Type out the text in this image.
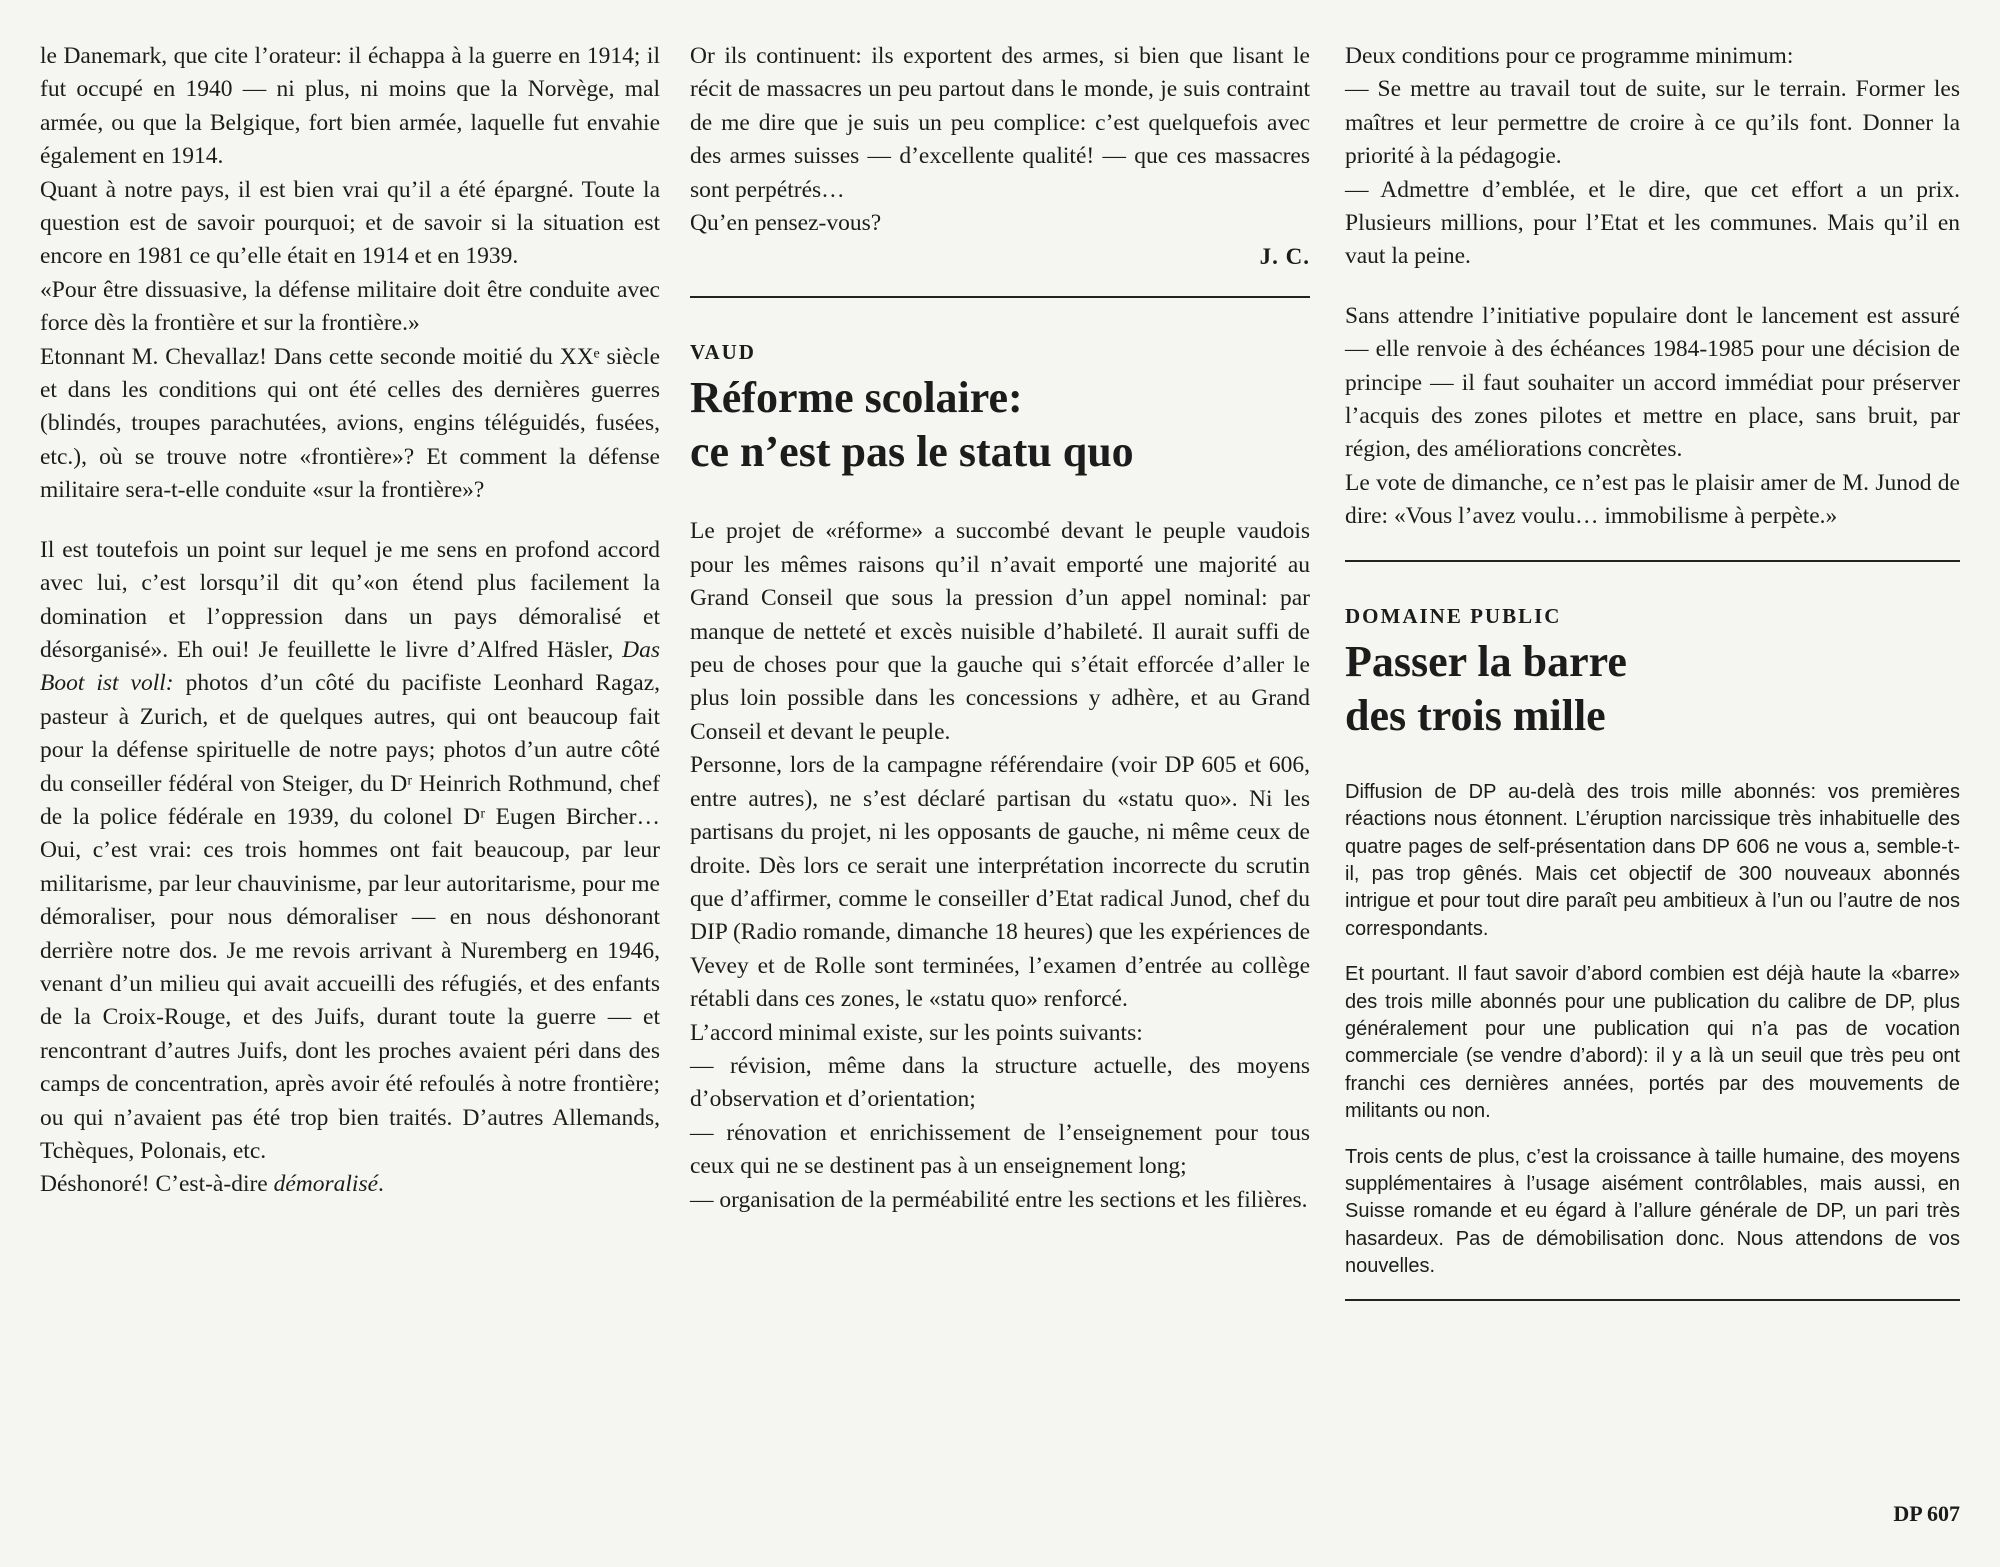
le Danemark, que cite l’orateur: il échappa à la guerre en 1914; il fut occupé en 1940 — ni plus, ni moins que la Norvège, mal armée, ou que la Belgique, fort bien armée, laquelle fut envahie également en 1914.

Quant à notre pays, il est bien vrai qu’il a été épargné. Toute la question est de savoir pourquoi; et de savoir si la situation est encore en 1981 ce qu’elle était en 1914 et en 1939.

«Pour être dissuasive, la défense militaire doit être conduite avec force dès la frontière et sur la frontière.»

Etonnant M. Chevallaz! Dans cette seconde moitié du XXᵉ siècle et dans les conditions qui ont été celles des dernières guerres (blindés, troupes parachutées, avions, engins téléguidés, fusées, etc.), où se trouve notre «frontière»? Et comment la défense militaire sera-t-elle conduite «sur la frontière»?

Il est toutefois un point sur lequel je me sens en profond accord avec lui, c’est lorsqu’il dit qu’«on étend plus facilement la domination et l’oppression dans un pays démoralisé et désorganisé». Eh oui! Je feuillette le livre d’Alfred Häsler, Das Boot ist voll: photos d’un côté du pacifiste Leonhard Ragaz, pasteur à Zurich, et de quelques autres, qui ont beaucoup fait pour la défense spirituelle de notre pays; photos d’un autre côté du conseiller fédéral von Steiger, du Dʳ Heinrich Rothmund, chef de la police fédérale en 1939, du colonel Dʳ Eugen Bircher… Oui, c’est vrai: ces trois hommes ont fait beaucoup, par leur militarisme, par leur chauvinisme, par leur autoritarisme, pour me démoraliser, pour nous démoraliser — en nous déshonorant derrière notre dos. Je me revois arrivant à Nuremberg en 1946, venant d’un milieu qui avait accueilli des réfugiés, et des enfants de la Croix-Rouge, et des Juifs, durant toute la guerre — et rencontrant d’autres Juifs, dont les proches avaient péri dans des camps de concentration, après avoir été refoulés à notre frontière; ou qui n’avaient pas été trop bien traités. D’autres Allemands, Tchèques, Polonais, etc.

Déshonoré! C’est-à-dire démoralisé.

Or ils continuent: ils exportent des armes, si bien que lisant le récit de massacres un peu partout dans le monde, je suis contraint de me dire que je suis un peu complice: c’est quelquefois avec des armes suisses — d’excellente qualité! — que ces massacres sont perpétrés…

Qu’en pensez-vous?

J. C.
VAUD
Réforme scolaire:
ce n’est pas le statu quo

Le projet de «réforme» a succombé devant le peuple vaudois pour les mêmes raisons qu’il n’avait emporté une majorité au Grand Conseil que sous la pression d’un appel nominal: par manque de netteté et excès nuisible d’habileté. Il aurait suffi de peu de choses pour que la gauche qui s’était efforcée d’aller le plus loin possible dans les concessions y adhère, et au Grand Conseil et devant le peuple.

Personne, lors de la campagne référendaire (voir DP 605 et 606, entre autres), ne s’est déclaré partisan du «statu quo». Ni les partisans du projet, ni les opposants de gauche, ni même ceux de droite. Dès lors ce serait une interprétation incorrecte du scrutin que d’affirmer, comme le conseiller d’Etat radical Junod, chef du DIP (Radio romande, dimanche 18 heures) que les expériences de Vevey et de Rolle sont terminées, l’examen d’entrée au collège rétabli dans ces zones, le «statu quo» renforcé.

L’accord minimal existe, sur les points suivants:

— révision, même dans la structure actuelle, des moyens d’observation et d’orientation;

— rénovation et enrichissement de l’enseignement pour tous ceux qui ne se destinent pas à un enseignement long;

— organisation de la perméabilité entre les sections et les filières.

Deux conditions pour ce programme minimum:

— Se mettre au travail tout de suite, sur le terrain. Former les maîtres et leur permettre de croire à ce qu’ils font. Donner la priorité à la pédagogie.

— Admettre d’emblée, et le dire, que cet effort a un prix. Plusieurs millions, pour l’Etat et les communes. Mais qu’il en vaut la peine.

Sans attendre l’initiative populaire dont le lancement est assuré — elle renvoie à des échéances 1984-1985 pour une décision de principe — il faut souhaiter un accord immédiat pour préserver l’acquis des zones pilotes et mettre en place, sans bruit, par région, des améliorations concrètes.

Le vote de dimanche, ce n’est pas le plaisir amer de M. Junod de dire: «Vous l’avez voulu… immobilisme à perpète.»

DOMAINE PUBLIC
Passer la barre
des trois mille

Diffusion de DP au-delà des trois mille abonnés: vos premières réactions nous étonnent. L’éruption narcissique très inhabituelle des quatre pages de self-présentation dans DP 606 ne vous a, semble-t-il, pas trop gênés. Mais cet objectif de 300 nouveaux abonnés intrigue et pour tout dire paraît peu ambitieux à l’un ou l’autre de nos correspondants.

Et pourtant. Il faut savoir d’abord combien est déjà haute la «barre» des trois mille abonnés pour une publication du calibre de DP, plus généralement pour une publication qui n’a pas de vocation commerciale (se vendre d’abord): il y a là un seuil que très peu ont franchi ces dernières années, portés par des mouvements de militants ou non.

Trois cents de plus, c’est la croissance à taille humaine, des moyens supplémentaires à l’usage aisément contrôlables, mais aussi, en Suisse romande et eu égard à l’allure générale de DP, un pari très hasardeux. Pas de démobilisation donc. Nous attendons de vos nouvelles.

DP 607
